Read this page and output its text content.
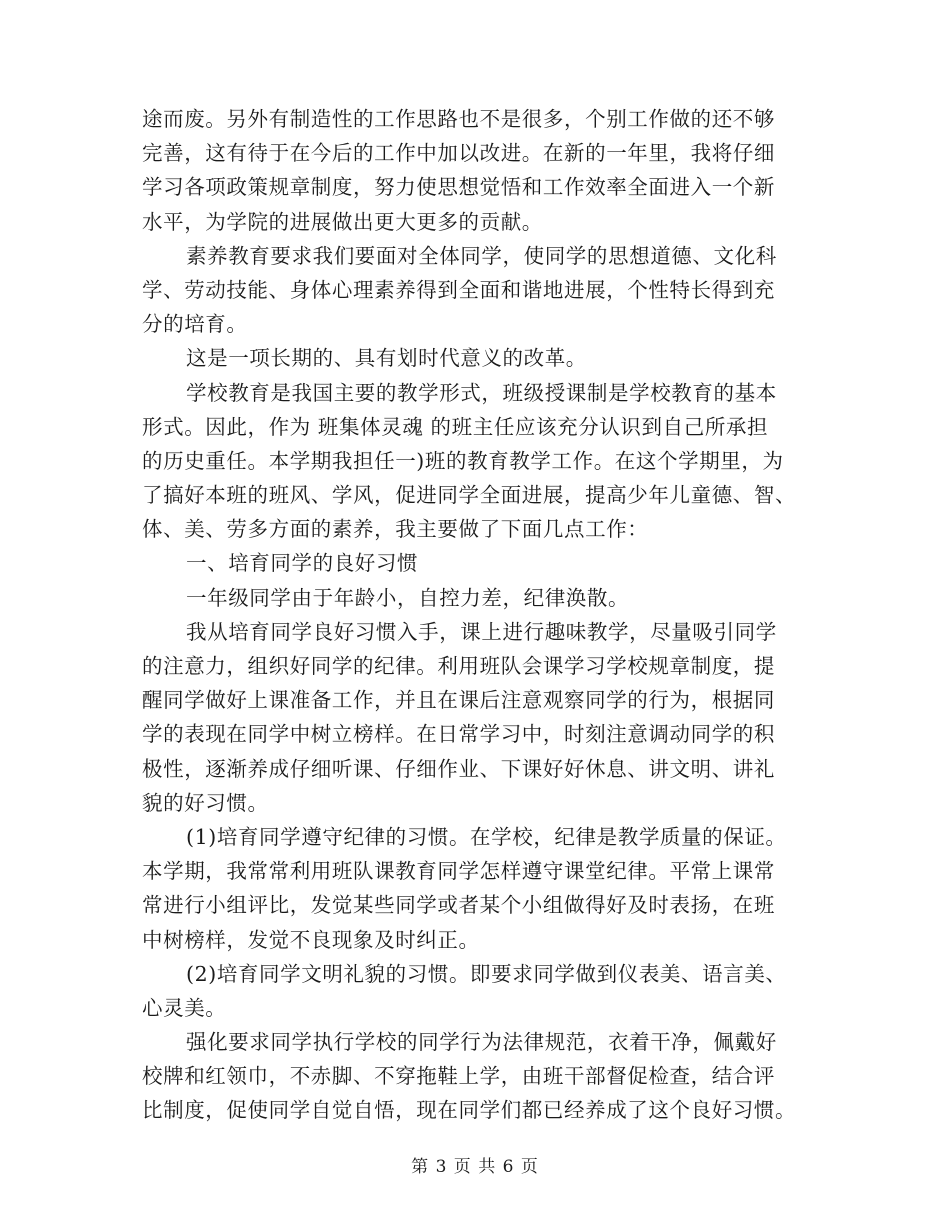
途而废。另外有制造性的工作思路也不是很多，个别工作做的还不够
完善，这有待于在今后的工作中加以改进。在新的一年里，我将仔细
学习各项政策规章制度，努力使思想觉悟和工作效率全面进入一个新
水平，为学院的进展做出更大更多的贡献。
素养教育要求我们要面对全体同学，使同学的思想道德、文化科
学、劳动技能、身体心理素养得到全面和谐地进展，个性特长得到充
分的培育。
这是一项长期的、具有划时代意义的改革。
学校教育是我国主要的教学形式，班级授课制是学校教育的基本
形式。因此，作为 班集体灵魂 的班主任应该充分认识到自己所承担
的历史重任。本学期我担任一)班的教育教学工作。在这个学期里，为
了搞好本班的班风、学风，促进同学全面进展，提高少年儿童德、智、
体、美、劳多方面的素养，我主要做了下面几点工作：
一、培育同学的良好习惯
一年级同学由于年龄小，自控力差，纪律涣散。
我从培育同学良好习惯入手，课上进行趣味教学，尽量吸引同学
的注意力，组织好同学的纪律。利用班队会课学习学校规章制度，提
醒同学做好上课准备工作，并且在课后注意观察同学的行为，根据同
学的表现在同学中树立榜样。在日常学习中，时刻注意调动同学的积
极性，逐渐养成仔细听课、仔细作业、下课好好休息、讲文明、讲礼
貌的好习惯。
(1)培育同学遵守纪律的习惯。在学校，纪律是教学质量的保证。
本学期，我常常利用班队课教育同学怎样遵守课堂纪律。平常上课常
常进行小组评比，发觉某些同学或者某个小组做得好及时表扬，在班
中树榜样，发觉不良现象及时纠正。
(2)培育同学文明礼貌的习惯。即要求同学做到仪表美、语言美、
心灵美。
强化要求同学执行学校的同学行为法律规范，衣着干净，佩戴好
校牌和红领巾，不赤脚、不穿拖鞋上学，由班干部督促检查，结合评
比制度，促使同学自觉自悟，现在同学们都已经养成了这个良好习惯。
第 3 页 共 6 页
